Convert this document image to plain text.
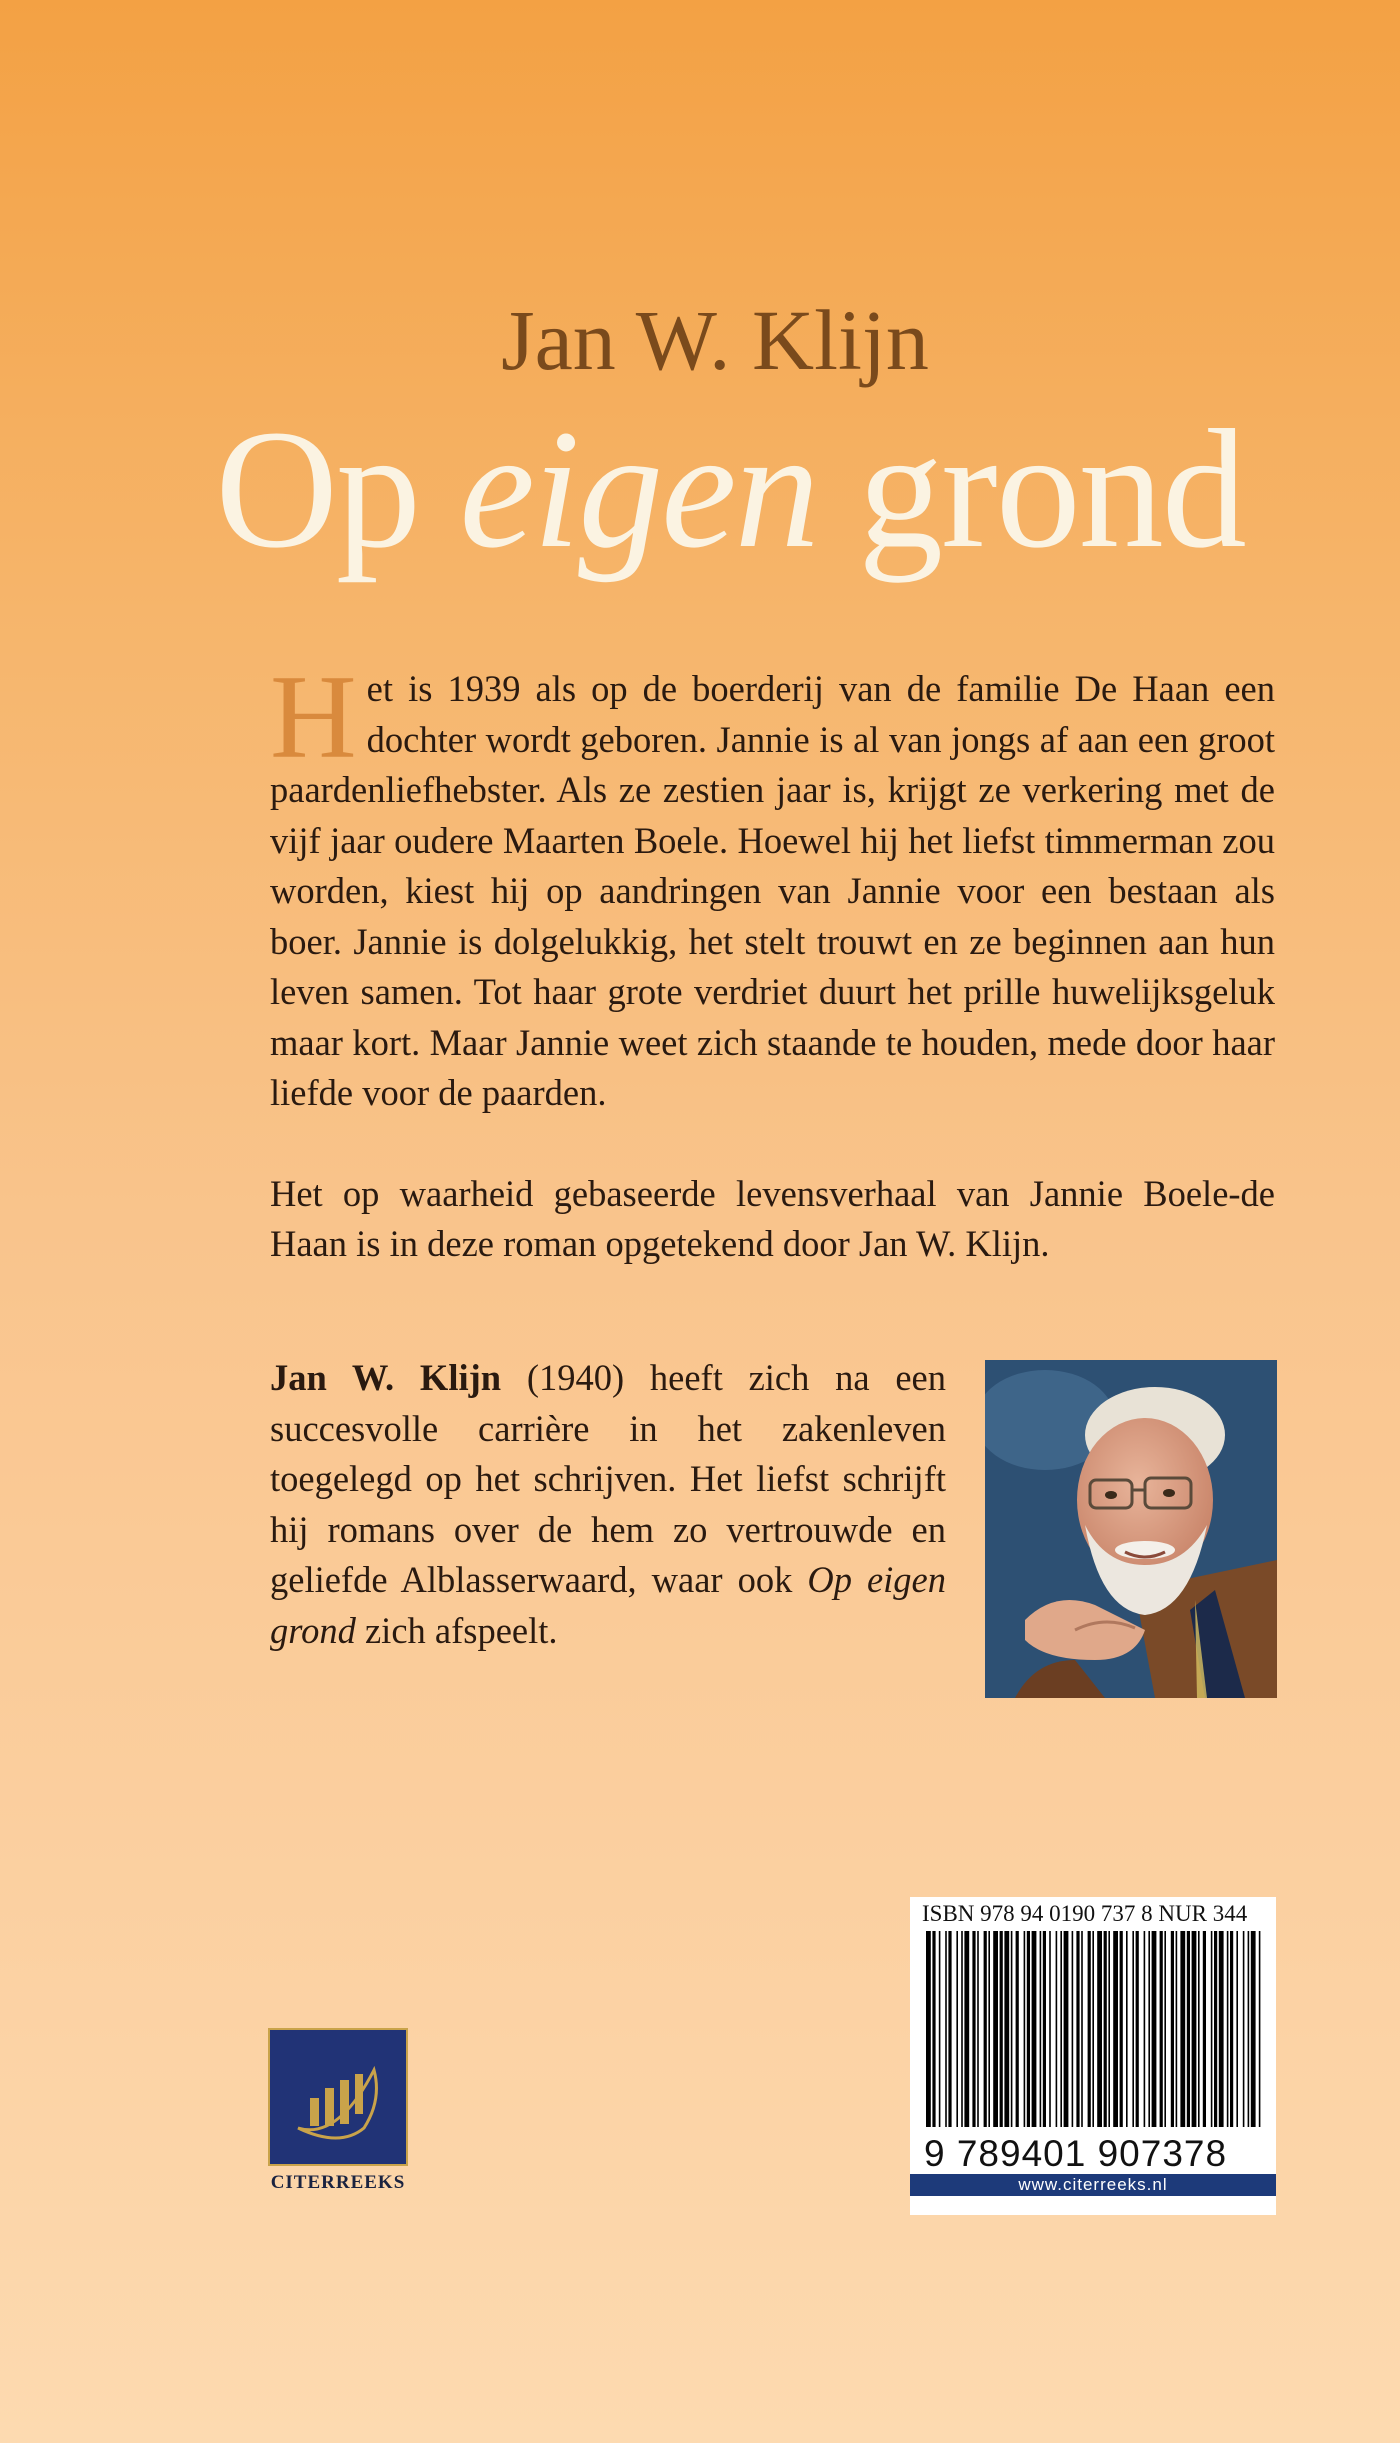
Jan W. Klijn
Op eigen grond

Het is 1939 als op de boerderij van de familie De Haan een dochter wordt geboren. Jannie is al van jongs af aan een groot paardenliefhebster. Als ze zestien jaar is, krijgt ze verkering met de vijf jaar oudere Maarten Boele. Hoewel hij het liefst timmerman zou worden, kiest hij op aandringen van Jannie voor een bestaan als boer. Jannie is dolgelukkig, het stelt trouwt en ze beginnen aan hun leven samen. Tot haar grote verdriet duurt het prille huwelijksgeluk maar kort. Maar Jannie weet zich staande te houden, mede door haar liefde voor de paarden.

Het op waarheid gebaseerde levensverhaal van Jannie Boele-de Haan is in deze roman opgetekend door Jan W. Klijn.

Jan W. Klijn (1940) heeft zich na een succesvolle carrière in het zakenleven toegelegd op het schrijven. Het liefst schrijft hij romans over de hem zo vertrouwde en geliefde Alblasserwaard, waar ook Op eigen grond zich afspeelt.
CITERREEKS
ISBN 978 94 0190 737 8 NUR 344
9 789401 907378
www.citerreeks.nl
